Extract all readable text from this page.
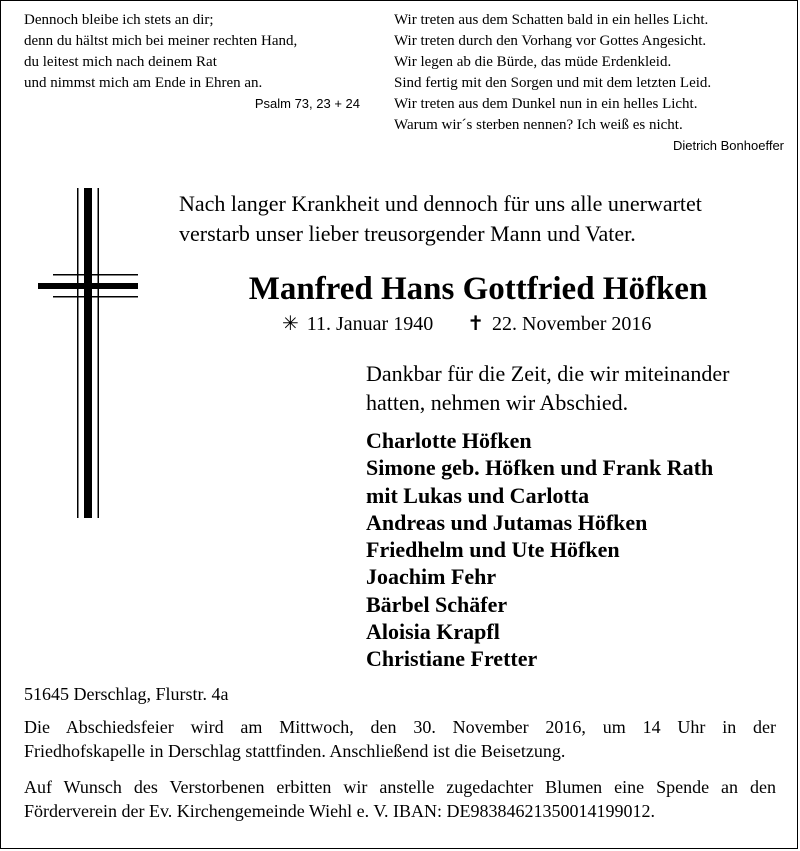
Dennoch bleibe ich stets an dir;
denn du hältst mich bei meiner rechten Hand,
du leitest mich nach deinem Rat
und nimmst mich am Ende in Ehren an.
Psalm 73, 23 + 24
Wir treten aus dem Schatten bald in ein helles Licht.
Wir treten durch den Vorhang vor Gottes Angesicht.
Wir legen ab die Bürde, das müde Erdenkleid.
Sind fertig mit den Sorgen und mit dem letzten Leid.
Wir treten aus dem Dunkel nun in ein helles Licht.
Warum wir´s sterben nennen? Ich weiß es nicht.
Dietrich Bonhoeffer
Nach langer Krankheit und dennoch für uns alle unerwartet
verstarb unser lieber treusorgender Mann und Vater.
Manfred Hans Gottfried Höfken
✳ 11. Januar 1940 ✝ 22. November 2016
Dankbar für die Zeit, die wir miteinander
hatten, nehmen wir Abschied.
Charlotte Höfken
Simone geb. Höfken und Frank Rath
mit Lukas und Carlotta
Andreas und Jutamas Höfken
Friedhelm und Ute Höfken
Joachim Fehr
Bärbel Schäfer
Aloisia Krapfl
Christiane Fretter
51645 Derschlag, Flurstr. 4a
Die Abschiedsfeier wird am Mittwoch, den 30. November 2016, um 14 Uhr in der
Friedhofskapelle in Derschlag stattfinden. Anschließend ist die Beisetzung.
Auf Wunsch des Verstorbenen erbitten wir anstelle zugedachter Blumen eine Spende an den
Förderverein der Ev. Kirchengemeinde Wiehl e. V. IBAN: DE98384621350014199012.
